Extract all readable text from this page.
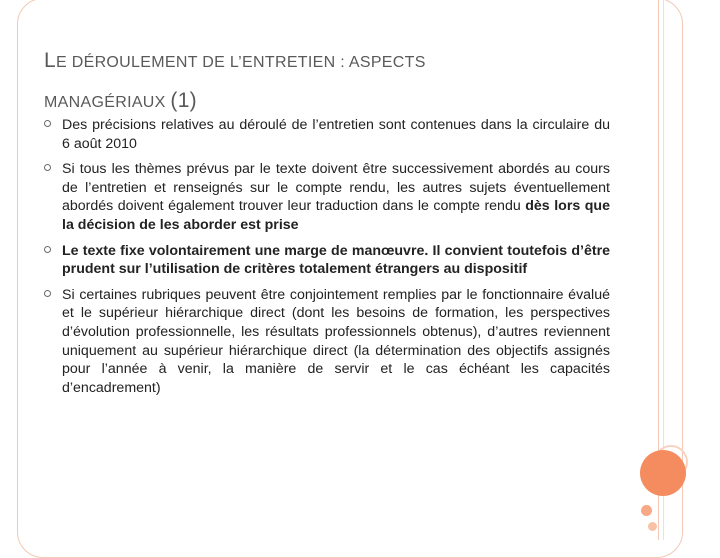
LE DÉROULEMENT DE L’ENTRETIEN : ASPECTS
MANAGÉRIAUX (1)
Des précisions relatives au déroulé de l’entretien sont contenues dans la circulaire du 6 août 2010
Si tous les thèmes prévus par le texte doivent être successivement abordés au cours de l’entretien et renseignés sur le compte rendu, les autres sujets éventuellement abordés doivent également trouver leur traduction dans le compte rendu dès lors que la décision de les aborder est prise
Le texte fixe volontairement une marge de manœuvre. Il convient toutefois d’être prudent sur l’utilisation de critères totalement étrangers au dispositif
Si certaines rubriques peuvent être conjointement remplies par le fonctionnaire évalué et le supérieur hiérarchique direct (dont les besoins de formation, les perspectives d’évolution professionnelle, les résultats professionnels obtenus), d’autres reviennent uniquement au supérieur hiérarchique direct (la détermination des objectifs assignés pour l’année à venir, la manière de servir et le cas échéant les capacités d’encadrement)
